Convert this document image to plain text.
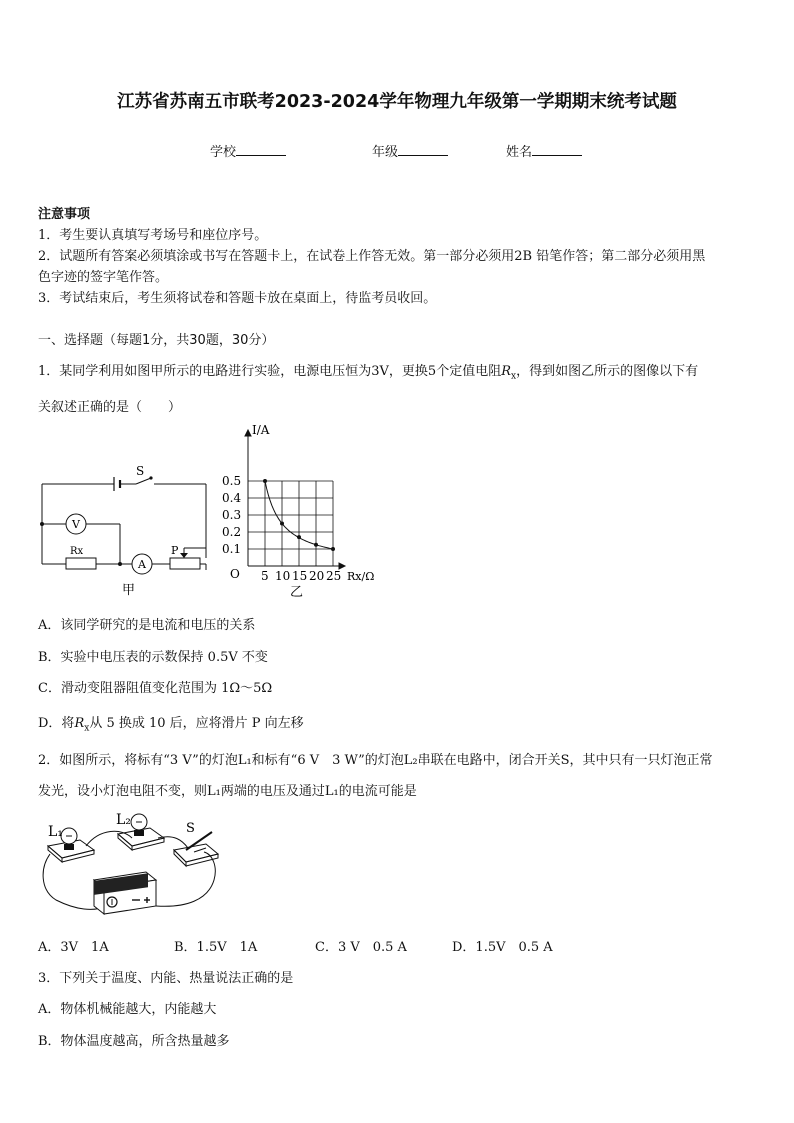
江苏省苏南五市联考2023-2024学年物理九年级第一学期期末统考试题
学校	年级	姓名
注意事项
1．考生要认真填写考场号和座位序号。
2．试题所有答案必须填涂或书写在答题卡上，在试卷上作答无效。第一部分必须用2B 铅笔作答；第二部分必须用黑
色字迹的签字笔作答。
3．考试结束后，考生须将试卷和答题卡放在桌面上，待监考员收回。
一、选择题（每题1分，共30题，30分）
1．某同学利用如图甲所示的电路进行实验，电源电压恒为3V，更换5个定值电阻$R_x$，得到如图乙所示的图像以下有
关叙述正确的是（　　）
S
V
Rx
A
P
甲
0.1
0.2
0.3
0.4
0.5
5 10 15 20 25
O
I/A
Rx/Ω
乙
A．该同学研究的是电流和电压的关系
B．实验中电压表的示数保持 0.5V 不变
C．滑动变阻器阻值变化范围为 1Ω～5Ω
D．将$R_x$从 5 换成 10 后，应将滑片 P 向左移
2．如图所示，将标有“3 V”的灯泡L₁和标有“6 V　3 W”的灯泡L₂串联在电路中，闭合开关S，其中只有一只灯泡正常
发光，设小灯泡电阻不变，则L₁两端的电压及通过L₁的电流可能是
L₁
L₂
S
A．3V　1A	B．1.5V　1A	C．3 V　0.5 A	D．1.5V　0.5 A
3．下列关于温度、内能、热量说法正确的是
A．物体机械能越大，内能越大
B．物体温度越高，所含热量越多
